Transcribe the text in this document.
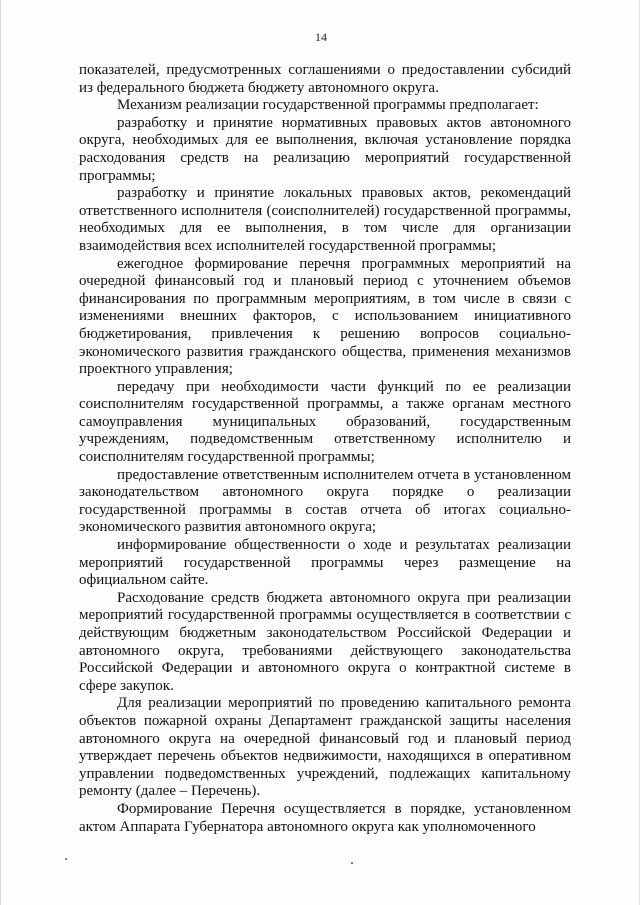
14

показателей, предусмотренных соглашениями о предоставлении субсидий из федерального бюджета бюджету автономного округа.

Механизм реализации государственной программы предполагает:

разработку и принятие нормативных правовых актов автономного округа, необходимых для ее выполнения, включая установление порядка расходования средств на реализацию мероприятий государственной программы;

разработку и принятие локальных правовых актов, рекомендаций ответственного исполнителя (соисполнителей) государственной программы, необходимых для ее выполнения, в том числе для организации взаимодействия всех исполнителей государственной программы;

ежегодное формирование перечня программных мероприятий на очередной финансовый год и плановый период с уточнением объемов финансирования по программным мероприятиям, в том числе в связи с изменениями внешних факторов, с использованием инициативного бюджетирования, привлечения к решению вопросов социально-экономического развития гражданского общества, применения механизмов проектного управления;

передачу при необходимости части функций по ее реализации соисполнителям государственной программы, а также органам местного самоуправления муниципальных образований, государственным учреждениям, подведомственным ответственному исполнителю и соисполнителям государственной программы;

предоставление ответственным исполнителем отчета в установленном законодательством автономного округа порядке о реализации государственной программы в состав отчета об итогах социально-экономического развития автономного округа;

информирование общественности о ходе и результатах реализации мероприятий государственной программы через размещение на официальном сайте.

Расходование средств бюджета автономного округа при реализации мероприятий государственной программы осуществляется в соответствии с действующим бюджетным законодательством Российской Федерации и автономного округа, требованиями действующего законодательства Российской Федерации и автономного округа о контрактной системе в сфере закупок.

Для реализации мероприятий по проведению капитального ремонта объектов пожарной охраны Департамент гражданской защиты населения автономного округа на очередной финансовый год и плановый период утверждает перечень объектов недвижимости, находящихся в оперативном управлении подведомственных учреждений, подлежащих капитальному ремонту (далее – Перечень).

Формирование Перечня осуществляется в порядке, установленном актом Аппарата Губернатора автономного округа как уполномоченного
